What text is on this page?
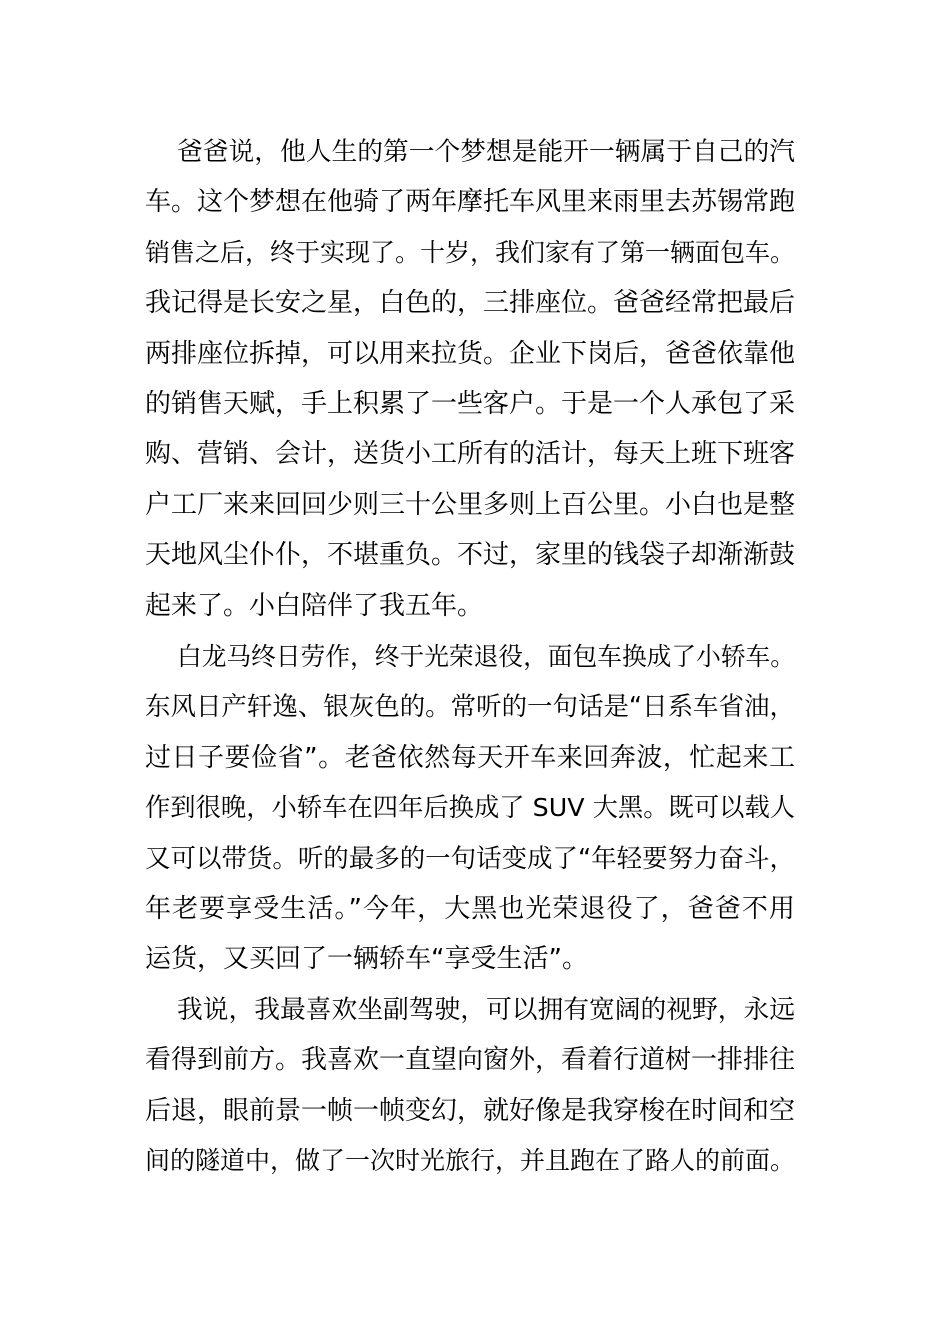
爸爸说，他人生的第一个梦想是能开一辆属于自己的汽

车。这个梦想在他骑了两年摩托车风里来雨里去苏锡常跑

销售之后，终于实现了。十岁，我们家有了第一辆面包车。

我记得是长安之星，白色的，三排座位。爸爸经常把最后

两排座位拆掉，可以用来拉货。企业下岗后，爸爸依靠他

的销售天赋，手上积累了一些客户。于是一个人承包了采

购、营销、会计，送货小工所有的活计，每天上班下班客

户工厂来来回回少则三十公里多则上百公里。小白也是整

天地风尘仆仆，不堪重负。不过，家里的钱袋子却渐渐鼓

起来了。小白陪伴了我五年。

白龙马终日劳作，终于光荣退役，面包车换成了小轿车。

东风日产轩逸、银灰色的。常听的一句话是“日系车省油，

过日子要俭省”。老爸依然每天开车来回奔波，忙起来工

作到很晚，小轿车在四年后换成了 SUV 大黑。既可以载人

又可以带货。听的最多的一句话变成了“年轻要努力奋斗，

年老要享受生活。”今年，大黑也光荣退役了，爸爸不用

运货，又买回了一辆轿车“享受生活”。

我说，我最喜欢坐副驾驶，可以拥有宽阔的视野，永远

看得到前方。我喜欢一直望向窗外，看着行道树一排排往

后退，眼前景一帧一帧变幻，就好像是我穿梭在时间和空

间的隧道中，做了一次时光旅行，并且跑在了路人的前面。
